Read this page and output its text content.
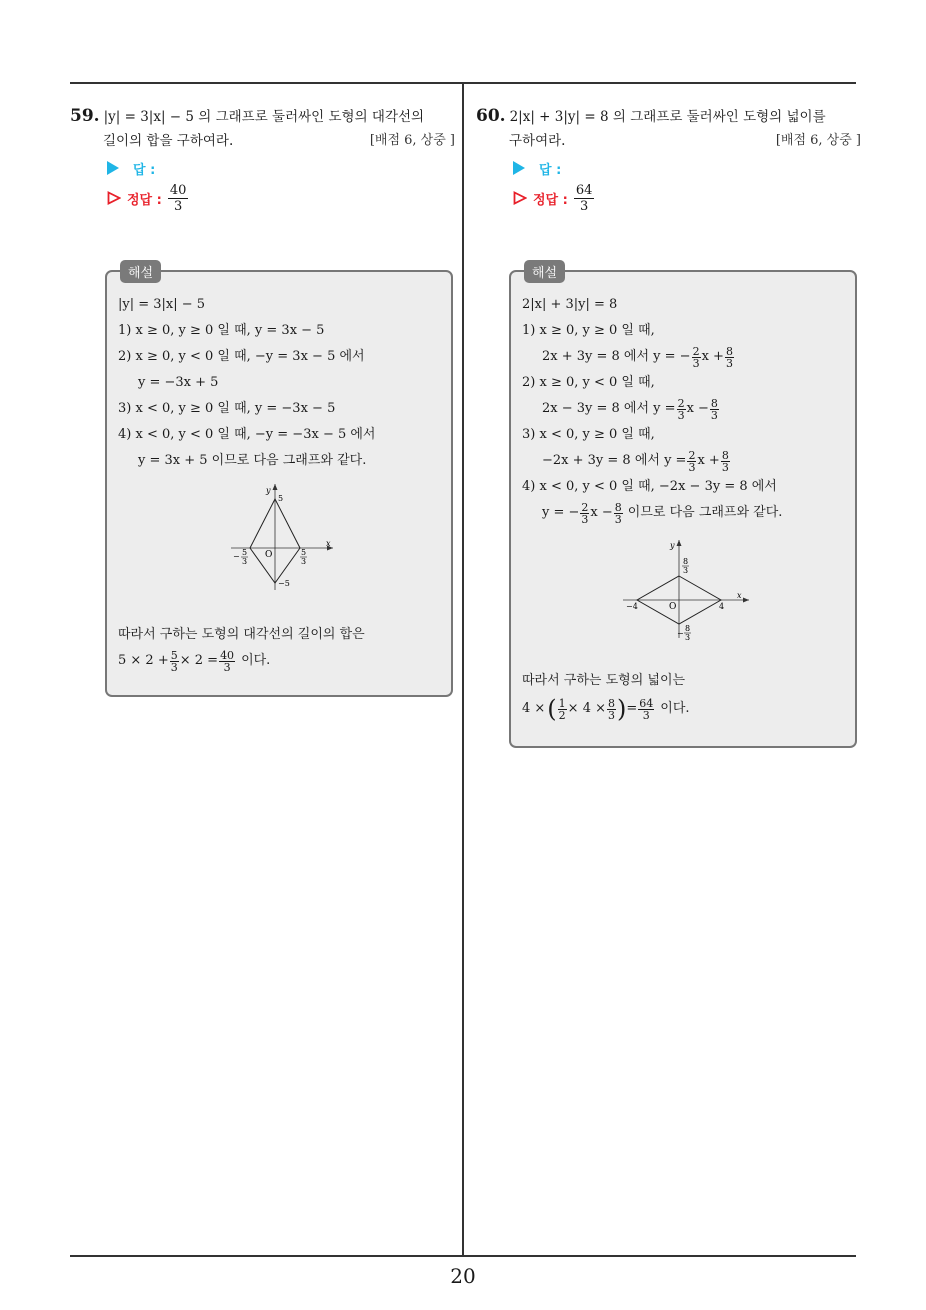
20
59. |y| = 3|x| − 5 의 그래프로 둘러싸인 도형의 대각선의
길이의 합을 구하여라.	[배점 6, 상중 ]
답 :
정답 : $\frac{40}{3}$
해설
|y| = 3|x| − 5
1) x ≥ 0, y ≥ 0 일 때, y = 3x − 5
2) x ≥ 0, y < 0 일 때, −y = 3x − 5 에서
y = −3x + 5
3) x < 0, y ≥ 0 일 때, y = −3x − 5
4) x < 0, y < 0 일 때, −y = −3x − 5 에서
y = 3x + 5 이므로 다음 그래프와 같다.
y
x
O
5
−5
5
3
− 5
3
따라서 구하는 도형의 대각선의 길이의 합은
$5 \times 2 + \frac{5}{3} \times 2 = \frac{40}{3}$ 이다.
60. 2|x| + 3|y| = 8 의 그래프로 둘러싸인 도형의 넓이를
구하여라.	[배점 6, 상중 ]
답 :
정답 : $\frac{64}{3}$
해설
2|x| + 3|y| = 8
1) x ≥ 0, y ≥ 0 일 때,
2x + 3y = 8 에서 y = − $\frac{2}{3}$ $x + \frac{8}{3}$
2) x ≥ 0, y < 0 일 때,
2x − 3y = 8 에서 $y = \frac{2}{3}$ $x - \frac{8}{3}$
3) x < 0, y ≥ 0 일 때,
−2x + 3y = 8 에서 $y = \frac{2}{3}$ $x + \frac{8}{3}$
4) x < 0, y < 0 일 때, −2x − 3y = 8 에서
y = − $\frac{2}{3}$ $x - \frac{8}{3}$ 이므로 다음 그래프와 같다.
y
x
O
8
3
−
8
3
4
−4
따라서 구하는 도형의 넓이는
4 × ( $\frac{1}{2} \times 4 \times \frac{8}{3}$ ) = $\frac{64}{3}$ 이다.
